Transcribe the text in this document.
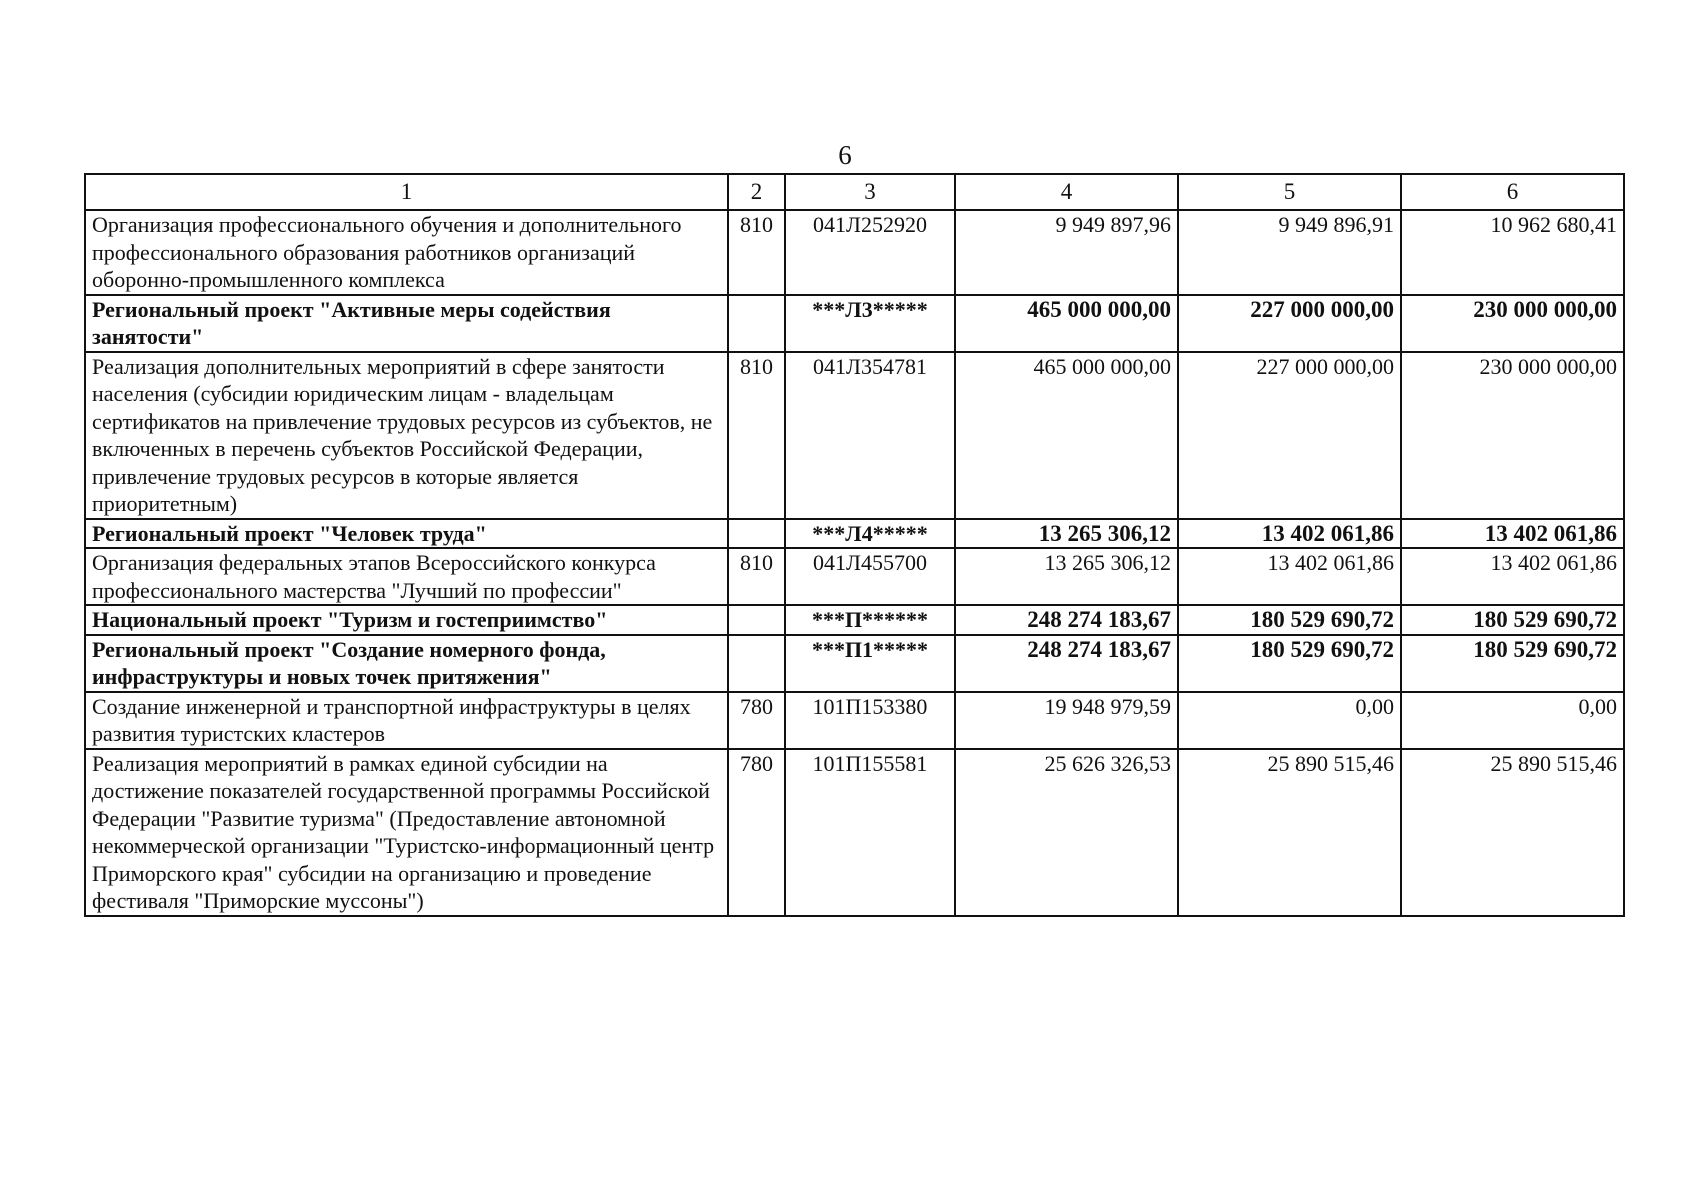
6
1	2	3	4	5	6
Организация профессионального обучения и дополнительного профессионального образования работников организаций оборонно-промышленного комплекса	810	041Л252920	9 949 897,96	9 949 896,91	10 962 680,41
Региональный проект "Активные меры содействия занятости"		***Л3*****	465 000 000,00	227 000 000,00	230 000 000,00
Реализация дополнительных мероприятий в сфере занятости населения (субсидии юридическим лицам - владельцам сертификатов на привлечение трудовых ресурсов из субъектов, не включенных в перечень субъектов Российской Федерации, привлечение трудовых ресурсов в которые является приоритетным)	810	041Л354781	465 000 000,00	227 000 000,00	230 000 000,00
Региональный проект "Человек труда"		***Л4*****	13 265 306,12	13 402 061,86	13 402 061,86
Организация федеральных этапов Всероссийского конкурса профессионального мастерства "Лучший по профессии"	810	041Л455700	13 265 306,12	13 402 061,86	13 402 061,86
Национальный проект "Туризм и гостеприимство"		***П******	248 274 183,67	180 529 690,72	180 529 690,72
Региональный проект "Создание номерного фонда, инфраструктуры и новых точек притяжения"		***П1*****	248 274 183,67	180 529 690,72	180 529 690,72
Создание инженерной и транспортной инфраструктуры в целях развития туристских кластеров	780	101П153380	19 948 979,59	0,00	0,00
Реализация мероприятий в рамках единой субсидии на достижение показателей государственной программы Российской Федерации "Развитие туризма" (Предоставление автономной некоммерческой организации "Туристско-информационный центр Приморского края" субсидии на организацию и проведение фестиваля "Приморские муссоны")	780	101П155581	25 626 326,53	25 890 515,46	25 890 515,46
